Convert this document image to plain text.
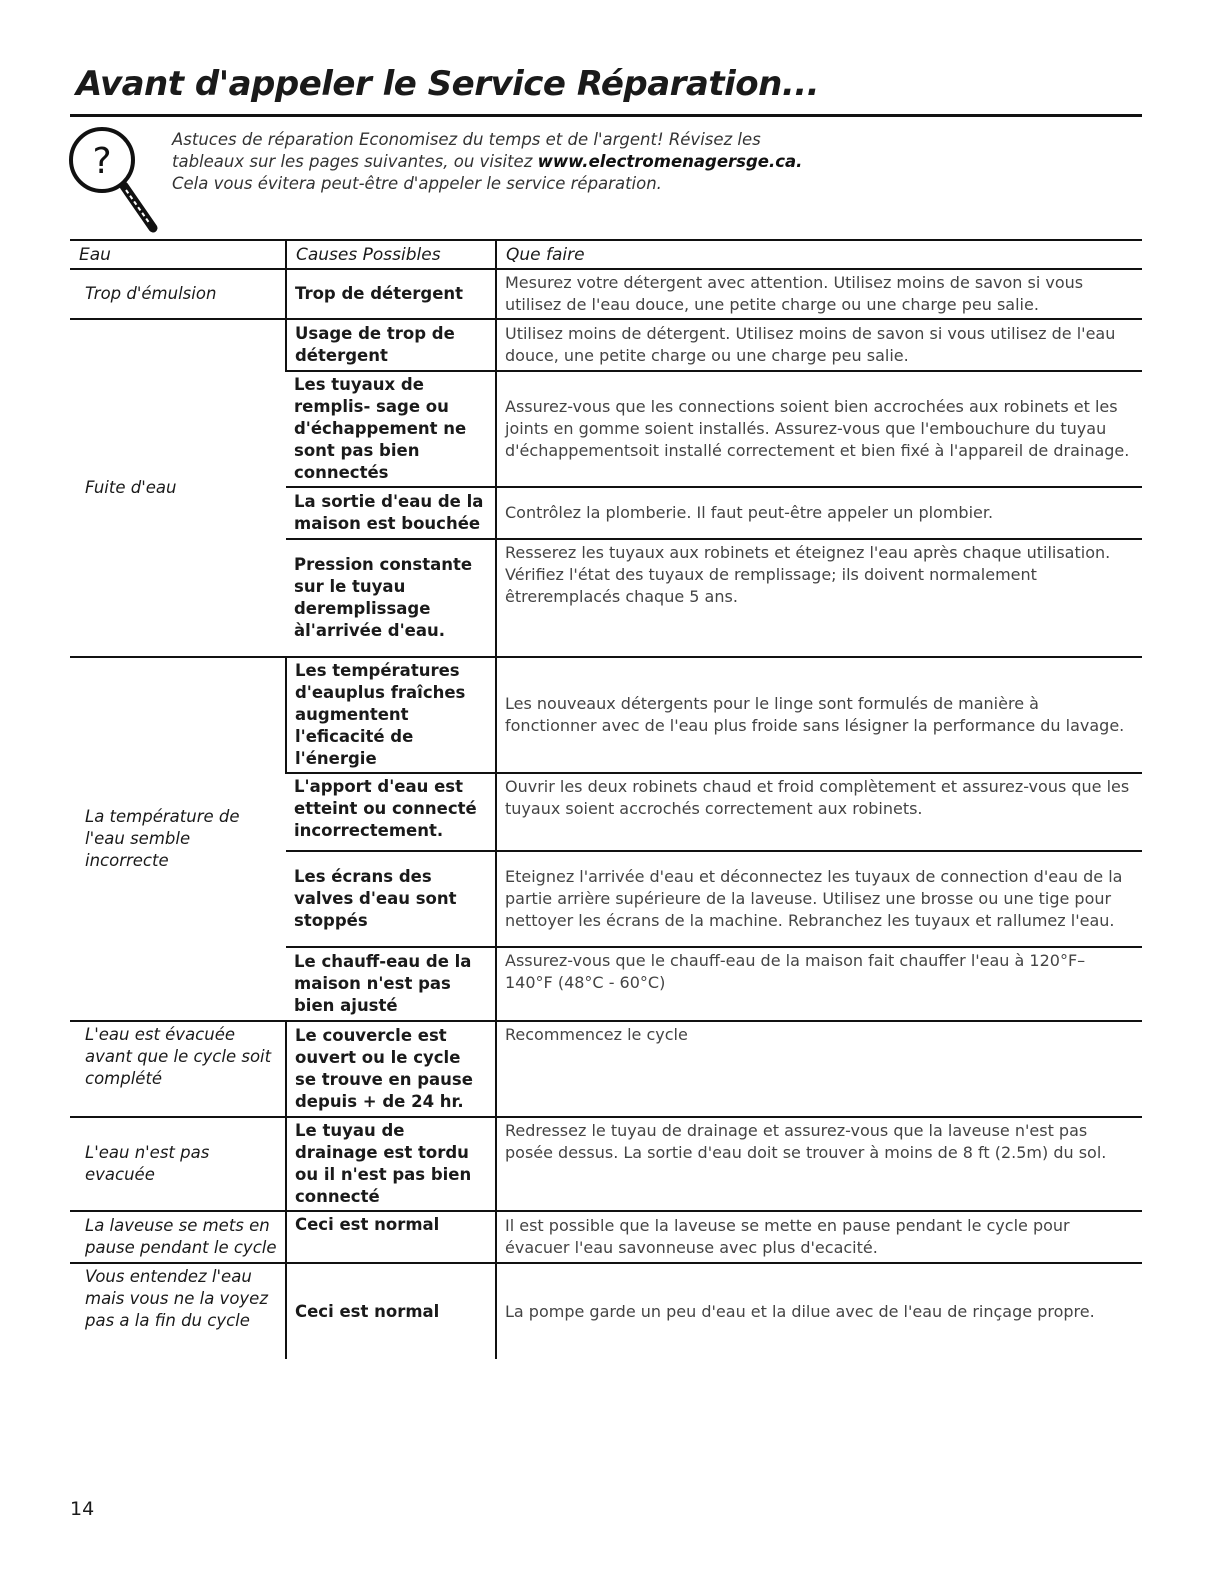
Avant d'appeler le Service Réparation...
?
Astuces de réparation Economisez du temps et de l'argent! Révisez les
tableaux sur les pages suivantes, ou visitez www.electromenagersge.ca.
Cela vous évitera peut-être d'appeler le service réparation.
Eau	Causes Possibles	Que faire
Trop d'émulsion	Trop de détergent	Mesurez votre détergent avec attention. Utilisez moins de savon si vous utilisez de l'eau douce, une petite charge ou une charge peu salie.
Fuite d'eau	Usage de trop de détergent	Utilisez moins de détergent. Utilisez moins de savon si vous utilisez de l'eau douce, une petite charge ou une charge peu salie.
	Les tuyaux de remplis- sage ou d'échappement ne sont pas bien connectés	Assurez-vous que les connections soient bien accrochées aux robinets et les joints en gomme soient installés. Assurez-vous que l'embouchure du tuyau d'échappementsoit installé correctement et bien fixé à l'appareil de drainage.
	La sortie d'eau de la maison est bouchée	Contrôlez la plomberie. Il faut peut-être appeler un plombier.
	Pression constante sur le tuyau deremplissage àl'arrivée d'eau.	Resserez les tuyaux aux robinets et éteignez l'eau après chaque utilisation. Vérifiez l'état des tuyaux de remplissage; ils doivent normalement êtreremplacés chaque 5 ans.
La température de l'eau semble incorrecte	Les températures d'eauplus fraîches augmentent l'eficacité de l'énergie	Les nouveaux détergents pour le linge sont formulés de manière à fonctionner avec de l'eau plus froide sans lésigner la performance du lavage.
	L'apport d'eau est etteint ou connecté incorrectement.	Ouvrir les deux robinets chaud et froid complètement et assurez-vous que les tuyaux soient accrochés correctement aux robinets.
	Les écrans des valves d'eau sont stoppés	Eteignez l'arrivée d'eau et déconnectez les tuyaux de connection d'eau de la partie arrière supérieure de la laveuse. Utilisez une brosse ou une tige pour nettoyer les écrans de la machine. Rebranchez les tuyaux et rallumez l'eau.
	Le chauff-eau de la maison n'est pas bien ajusté	Assurez-vous que le chauff-eau de la maison fait chauffer l'eau à 120°F– 140°F (48°C - 60°C)
L'eau est évacuée avant que le cycle soit complété	Le couvercle est ouvert ou le cycle se trouve en pause depuis + de 24 hr.	Recommencez le cycle
L'eau n'est pas evacuée	Le tuyau de drainage est tordu ou il n'est pas bien connecté	Redressez le tuyau de drainage et assurez-vous que la laveuse n'est pas posée dessus. La sortie d'eau doit se trouver à moins de 8 ft (2.5m) du sol.
La laveuse se mets en pause pendant le cycle	Ceci est normal	Il est possible que la laveuse se mette en pause pendant le cycle pour évacuer l'eau savonneuse avec plus d'ecacité.
Vous entendez l'eau mais vous ne la voyez pas a la fin du cycle	Ceci est normal	La pompe garde un peu d'eau et la dilue avec de l'eau de rinçage propre.
14
